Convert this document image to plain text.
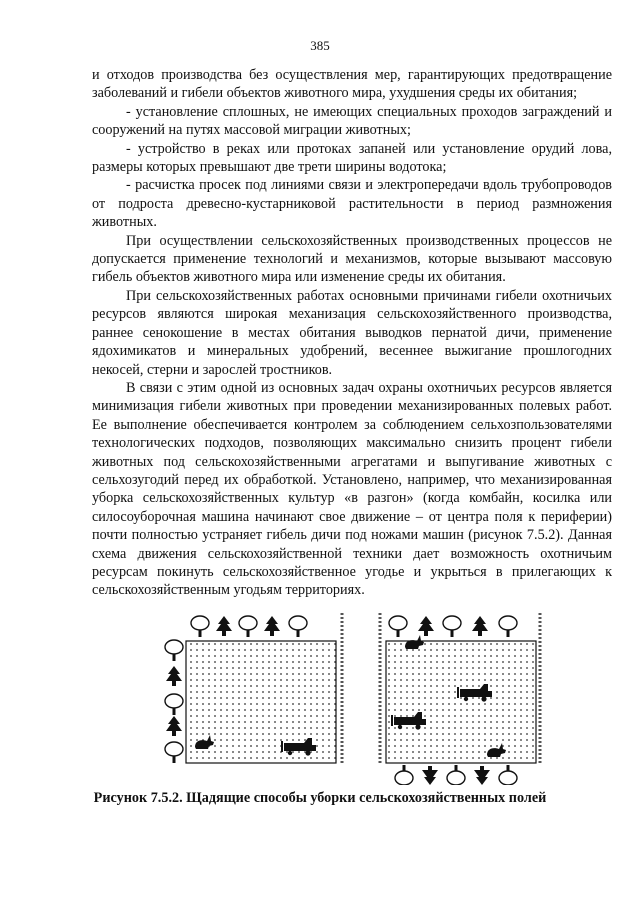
385

и отходов производства без осуществления мер, гарантирующих предотвращение заболеваний и гибели объектов животного мира, ухудшения среды их обитания;

- установление сплошных, не имеющих специальных проходов заграждений и сооружений на путях массовой миграции животных;

- устройство в реках или протоках запаней или установление орудий лова, размеры которых превышают две трети ширины водотока;

- расчистка просек под линиями связи и электропередачи вдоль трубопроводов от подроста древесно-кустарниковой растительности в период размножения животных.

При осуществлении сельскохозяйственных производственных процессов не допускается применение технологий и механизмов, которые вызывают массовую гибель объектов животного мира или изменение среды их обитания.

При сельскохозяйственных работах основными причинами гибели охотничьих ресурсов являются широкая механизация сельскохозяйственного производства, раннее сенокошение в местах обитания выводков пернатой дичи, применение ядохимикатов и минеральных удобрений, весеннее выжигание прошлогодних некосей, стерни и зарослей тростников.

В связи с этим одной из основных задач охраны охотничьих ресурсов является минимизация гибели животных при проведении механизированных полевых работ. Ее выполнение обеспечивается контролем за соблюдением сельхозпользователями технологических подходов, позволяющих максимально снизить процент гибели животных под сельскохозяйственными агрегатами и выпугивание животных с сельхозугодий перед их обработкой. Установлено, например, что механизированная уборка сельскохозяйственных культур «в разгон» (когда комбайн, косилка или силосоуборочная машина начинают свое движение – от центра поля к периферии) почти полностью устраняет гибель дичи под ножами машин (рисунок 7.5.2). Данная схема движения сельскохозяйственной техники дает возможность охотничьим ресурсам покинуть сельскохозяйственное угодье и укрыться в прилегающих к сельскохозяйственным угодьям территориях.

Рисунок 7.5.2. Щадящие способы уборки сельскохозяйственных полей
